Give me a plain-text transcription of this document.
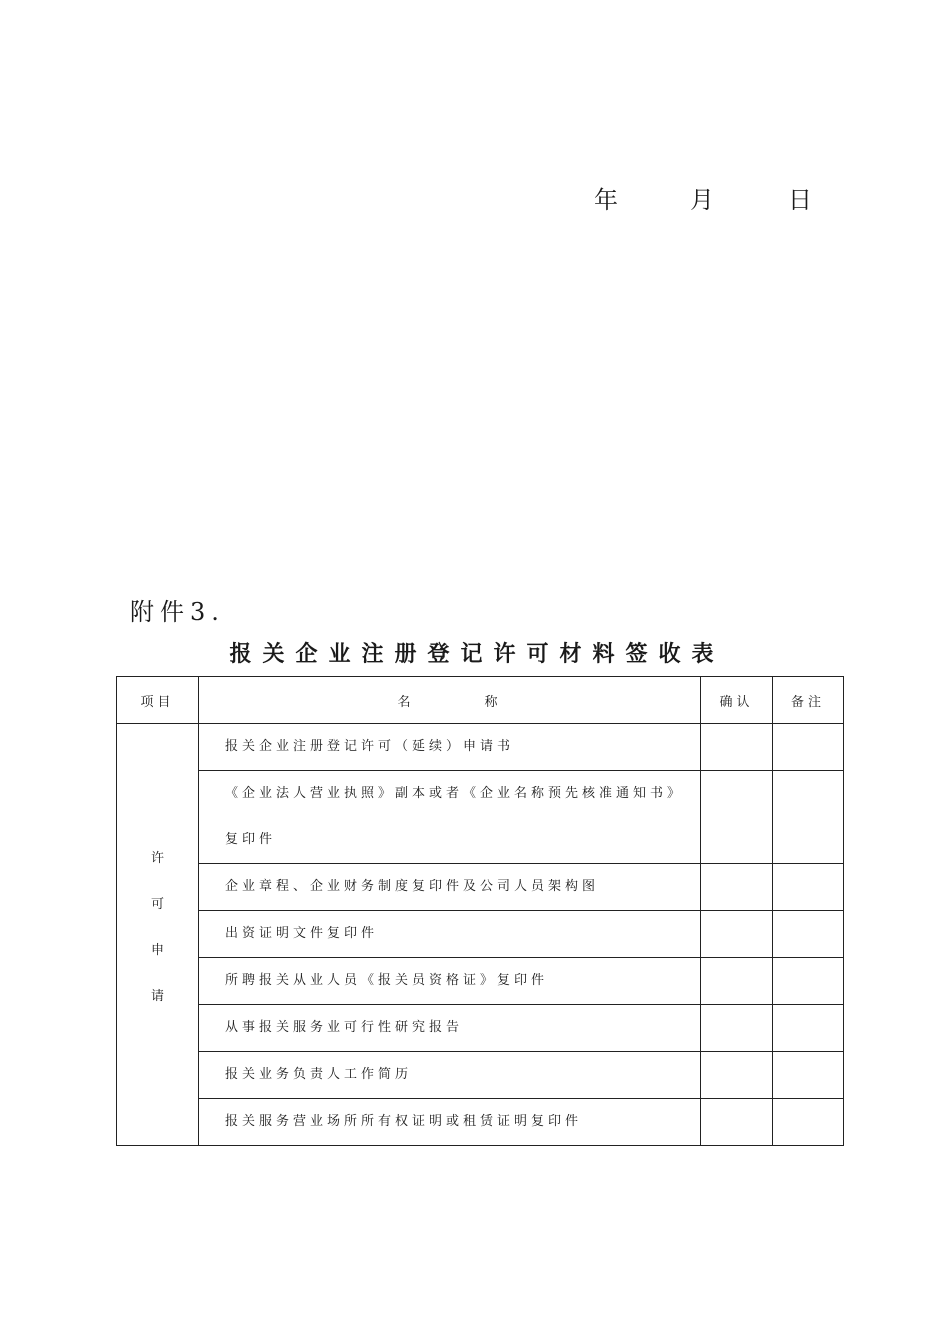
年	月	日
附件3.
报关企业注册登记许可材料签收表
项目	名 称	确认	备注

许
可
申
请	报关企业注册登记许可（延续）申请书		
	《企业法人营业执照》副本或者《企业名称预先核准通知书》复印件		
	企业章程、企业财务制度复印件及公司人员架构图		
	出资证明文件复印件		
	所聘报关从业人员《报关员资格证》复印件		
	从事报关服务业可行性研究报告		
	报关业务负责人工作简历		
	报关服务营业场所所有权证明或租赁证明复印件		
